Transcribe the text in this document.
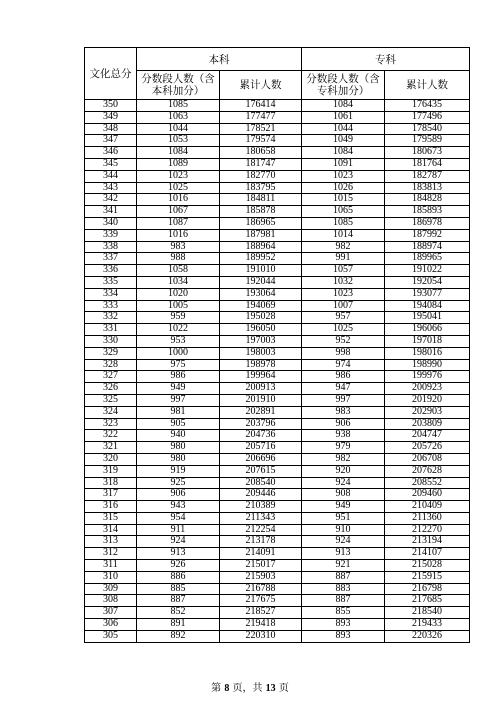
文化总分	本科		专科	
	分数段人数（含本科加分）	累计人数	分数段人数（含专科加分）	累计人数
350	1085	176414	1084	176435
349	1063	177477	1061	177496
348	1044	178521	1044	178540
347	1053	179574	1049	179589
346	1084	180658	1084	180673
345	1089	181747	1091	181764
344	1023	182770	1023	182787
343	1025	183795	1026	183813
342	1016	184811	1015	184828
341	1067	185878	1065	185893
340	1087	186965	1085	186978
339	1016	187981	1014	187992
338	983	188964	982	188974
337	988	189952	991	189965
336	1058	191010	1057	191022
335	1034	192044	1032	192054
334	1020	193064	1023	193077
333	1005	194069	1007	194084
332	959	195028	957	195041
331	1022	196050	1025	196066
330	953	197003	952	197018
329	1000	198003	998	198016
328	975	198978	974	198990
327	986	199964	986	199976
326	949	200913	947	200923
325	997	201910	997	201920
324	981	202891	983	202903
323	905	203796	906	203809
322	940	204736	938	204747
321	980	205716	979	205726
320	980	206696	982	206708
319	919	207615	920	207628
318	925	208540	924	208552
317	906	209446	908	209460
316	943	210389	949	210409
315	954	211343	951	211360
314	911	212254	910	212270
313	924	213178	924	213194
312	913	214091	913	214107
311	926	215017	921	215028
310	886	215903	887	215915
309	885	216788	883	216798
308	887	217675	887	217685
307	852	218527	855	218540
306	891	219418	893	219433
305	892	220310	893	220326
第 8 页，共 13 页
